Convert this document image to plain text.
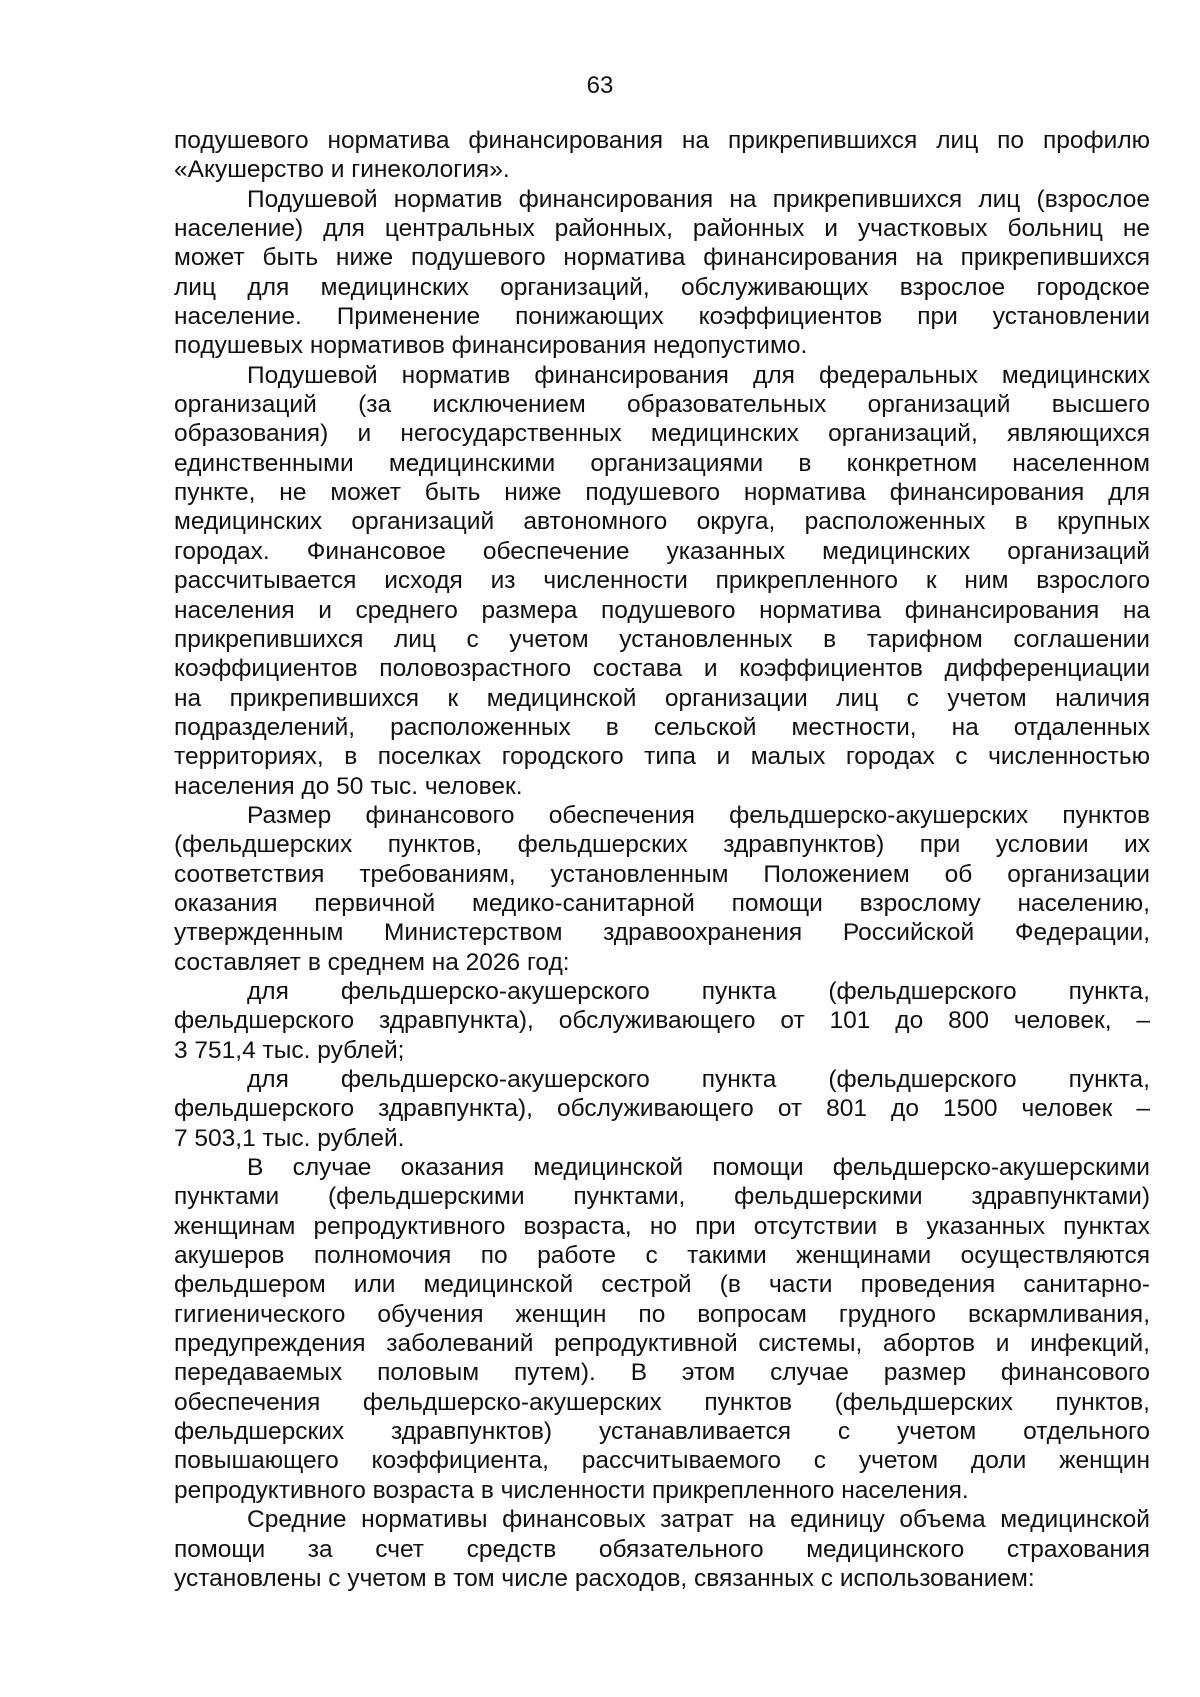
63
подушевого норматива финансирования на прикрепившихся лиц по профилю
«Акушерство и гинекология».
Подушевой норматив финансирования на прикрепившихся лиц (взрослое
население) для центральных районных, районных и участковых больниц не
может быть ниже подушевого норматива финансирования на прикрепившихся
лиц для медицинских организаций, обслуживающих взрослое городское
население. Применение понижающих коэффициентов при установлении
подушевых нормативов финансирования недопустимо.
Подушевой норматив финансирования для федеральных медицинских
организаций (за исключением образовательных организаций высшего
образования) и негосударственных медицинских организаций, являющихся
единственными медицинскими организациями в конкретном населенном
пункте, не может быть ниже подушевого норматива финансирования для
медицинских организаций автономного округа, расположенных в крупных
городах. Финансовое обеспечение указанных медицинских организаций
рассчитывается исходя из численности прикрепленного к ним взрослого
населения и среднего размера подушевого норматива финансирования на
прикрепившихся лиц с учетом установленных в тарифном соглашении
коэффициентов половозрастного состава и коэффициентов дифференциации
на прикрепившихся к медицинской организации лиц с учетом наличия
подразделений, расположенных в сельской местности, на отдаленных
территориях, в поселках городского типа и малых городах с численностью
населения до 50 тыс. человек.
Размер финансового обеспечения фельдшерско-акушерских пунктов
(фельдшерских пунктов, фельдшерских здравпунктов) при условии их
соответствия требованиям, установленным Положением об организации
оказания первичной медико-санитарной помощи взрослому населению,
утвержденным Министерством здравоохранения Российской Федерации,
составляет в среднем на 2026 год:
для фельдшерско-акушерского пункта (фельдшерского пункта,
фельдшерского здравпункта), обслуживающего от 101 до 800 человек, –
3 751,4 тыс. рублей;
для фельдшерско-акушерского пункта (фельдшерского пункта,
фельдшерского здравпункта), обслуживающего от 801 до 1500 человек –
7 503,1 тыс. рублей.
В случае оказания медицинской помощи фельдшерско-акушерскими
пунктами (фельдшерскими пунктами, фельдшерскими здравпунктами)
женщинам репродуктивного возраста, но при отсутствии в указанных пунктах
акушеров полномочия по работе с такими женщинами осуществляются
фельдшером или медицинской сестрой (в части проведения санитарно-
гигиенического обучения женщин по вопросам грудного вскармливания,
предупреждения заболеваний репродуктивной системы, абортов и инфекций,
передаваемых половым путем). В этом случае размер финансового
обеспечения фельдшерско-акушерских пунктов (фельдшерских пунктов,
фельдшерских здравпунктов) устанавливается с учетом отдельного
повышающего коэффициента, рассчитываемого с учетом доли женщин
репродуктивного возраста в численности прикрепленного населения.
Средние нормативы финансовых затрат на единицу объема медицинской
помощи за счет средств обязательного медицинского страхования
установлены с учетом в том числе расходов, связанных с использованием:
